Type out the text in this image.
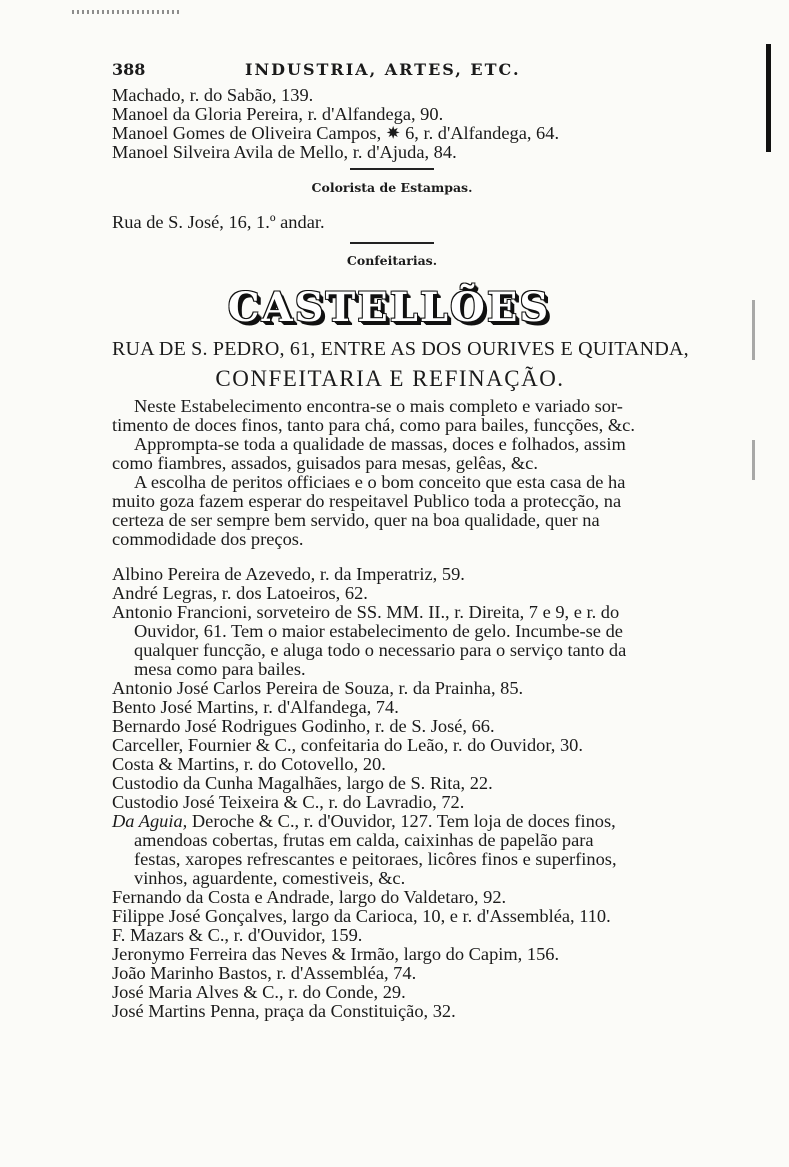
388	INDUSTRIA, ARTES, ETC.
Machado, r. do Sabão, 139.
Manoel da Gloria Pereira, r. d'Alfandega, 90.
Manoel Gomes de Oliveira Campos, 🟎 6, r. d'Alfandega, 64.
Manoel Silveira Avila de Mello, r. d'Ajuda, 84.
Colorista de Estampas.
Rua de S. José, 16, 1.º andar.
Confeitarias.
CASTELLÕES
RUA DE S. PEDRO, 61, ENTRE AS DOS OURIVES E QUITANDA,
CONFEITARIA E REFINAÇÃO.
Neste Estabelecimento encontra-se o mais completo e variado sor-
timento de doces finos, tanto para chá, como para bailes, funcções, &c.
Apprompta-se toda a qualidade de massas, doces e folhados, assim
como fiambres, assados, guisados para mesas, gelêas, &c.
A escolha de peritos officiaes e o bom conceito que esta casa de ha
muito goza fazem esperar do respeitavel Publico toda a protecção, na
certeza de ser sempre bem servido, quer na boa qualidade, quer na
commodidade dos preços.
Albino Pereira de Azevedo, r. da Imperatriz, 59.
André Legras, r. dos Latoeiros, 62.
Antonio Francioni, sorveteiro de SS. MM. II., r. Direita, 7 e 9, e r. do
Ouvidor, 61. Tem o maior estabelecimento de gelo. Incumbe-se de
qualquer funcção, e aluga todo o necessario para o serviço tanto da
mesa como para bailes.
Antonio José Carlos Pereira de Souza, r. da Prainha, 85.
Bento José Martins, r. d'Alfandega, 74.
Bernardo José Rodrigues Godinho, r. de S. José, 66.
Carceller, Fournier & C., confeitaria do Leão, r. do Ouvidor, 30.
Costa & Martins, r. do Cotovello, 20.
Custodio da Cunha Magalhães, largo de S. Rita, 22.
Custodio José Teixeira & C., r. do Lavradio, 72.
Da Aguia, Deroche & C., r. d'Ouvidor, 127. Tem loja de doces finos,
amendoas cobertas, frutas em calda, caixinhas de papelão para
festas, xaropes refrescantes e peitoraes, licôres finos e superfinos,
vinhos, aguardente, comestiveis, &c.
Fernando da Costa e Andrade, largo do Valdetaro, 92.
Filippe José Gonçalves, largo da Carioca, 10, e r. d'Assembléa, 110.
F. Mazars & C., r. d'Ouvidor, 159.
Jeronymo Ferreira das Neves & Irmão, largo do Capim, 156.
João Marinho Bastos, r. d'Assembléa, 74.
José Maria Alves & C., r. do Conde, 29.
José Martins Penna, praça da Constituição, 32.
